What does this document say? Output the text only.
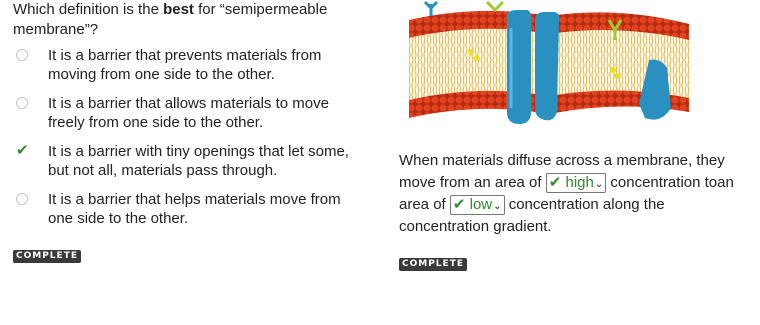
Which definition is the best for “semipermeable membrane”?

It is a barrier that prevents materials from
moving from one side to the other.
It is a barrier that allows materials to move
freely from one side to the other.
✔ It is a barrier with tiny openings that let some,
but not all, materials pass through.
It is a barrier that helps materials move from
one side to the other.
COMPLETE
When materials diffuse across a membrane, they move from an area of ✔ high⌄ concentration toan area of ✔ low⌄ concentration along the concentration gradient.
COMPLETE
